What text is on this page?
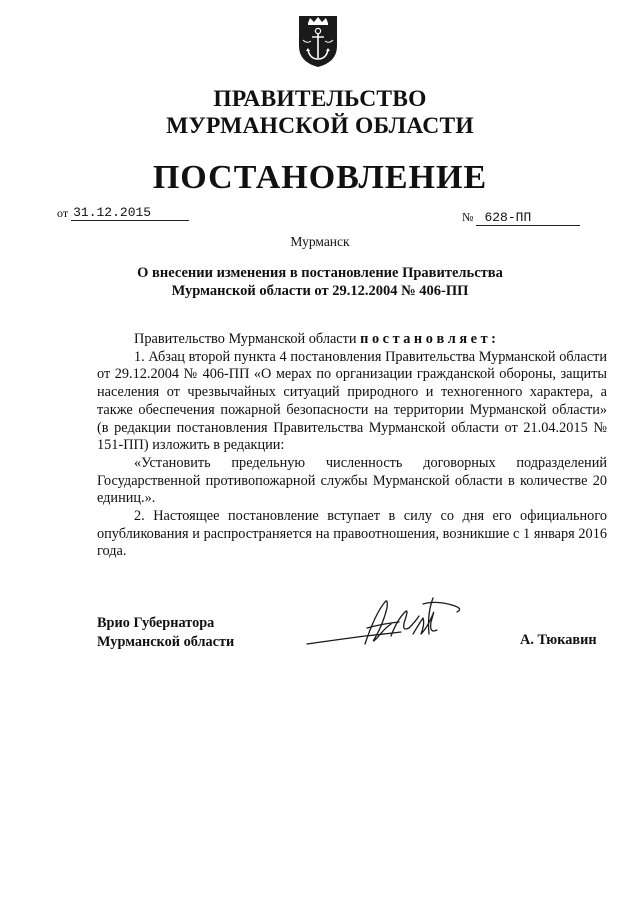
ПРАВИТЕЛЬСТВО
МУРМАНСКОЙ ОБЛАСТИ
ПОСТАНОВЛЕНИЕ
от 31.12.2015	№ 628-ПП
Мурманск
О внесении изменения в постановление Правительства Мурманской области от 29.12.2004 № 406-ПП

Правительство Мурманской области п о с т а н о в л я е т :

1. Абзац второй пункта 4 постановления Правительства Мурманской области от 29.12.2004 № 406-ПП «О мерах по организации гражданской обороны, защиты населения от чрезвычайных ситуаций природного и техногенного характера, а также обеспечения пожарной безопасности на территории Мурманской области» (в редакции постановления Правительства Мурманской области от 21.04.2015 № 151-ПП) изложить в редакции:

«Установить предельную численность договорных подразделений Государственной противопожарной службы Мурманской области в количестве 20 единиц.».

2. Настоящее постановление вступает в силу со дня его официального опубликования и распространяется на правоотношения, возникшие с 1 января 2016 года.

Врио Губернатора
Мурманской области	А. Тюкавин
